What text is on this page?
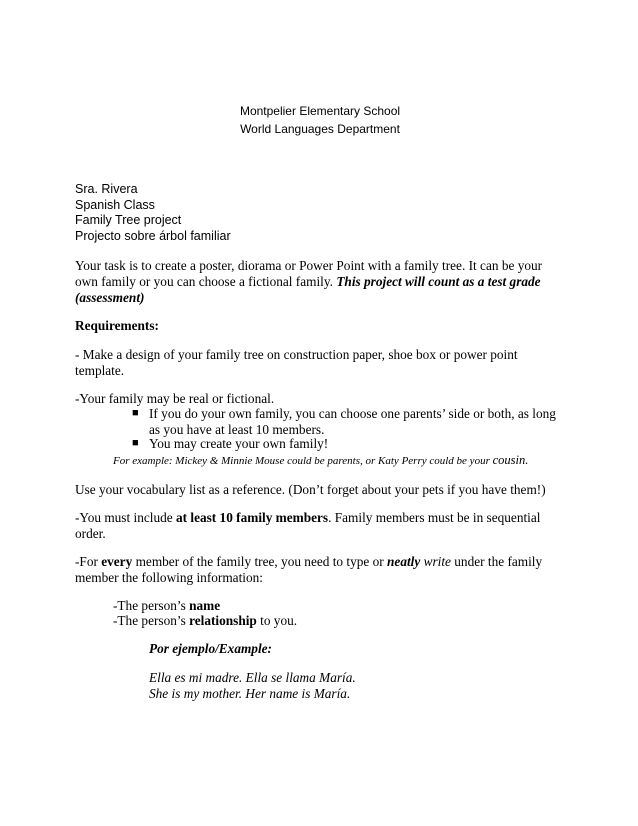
Montpelier Elementary School
World Languages Department
Sra. Rivera
Spanish Class
Family Tree project
Projecto sobre árbol familiar
Your task is to create a poster, diorama or Power Point with a family tree. It can be your
own family or you can choose a fictional family. This project will count as a test grade
(assessment)
Requirements:
- Make a design of your family tree on construction paper, shoe box or power point
template.
-Your family may be real or fictional.
■ If you do your own family, you can choose one parents’ side or both, as long
as you have at least 10 members.
■ You may create your own family!
For example: Mickey & Minnie Mouse could be parents, or Katy Perry could be your cousin.
Use your vocabulary list as a reference. (Don’t forget about your pets if you have them!)
-You must include at least 10 family members. Family members must be in sequential
order.
-For every member of the family tree, you need to type or neatly write under the family
member the following information:
-The person’s name
-The person’s relationship to you.
Por ejemplo/Example:
Ella es mi madre. Ella se llama María.
She is my mother. Her name is María.
